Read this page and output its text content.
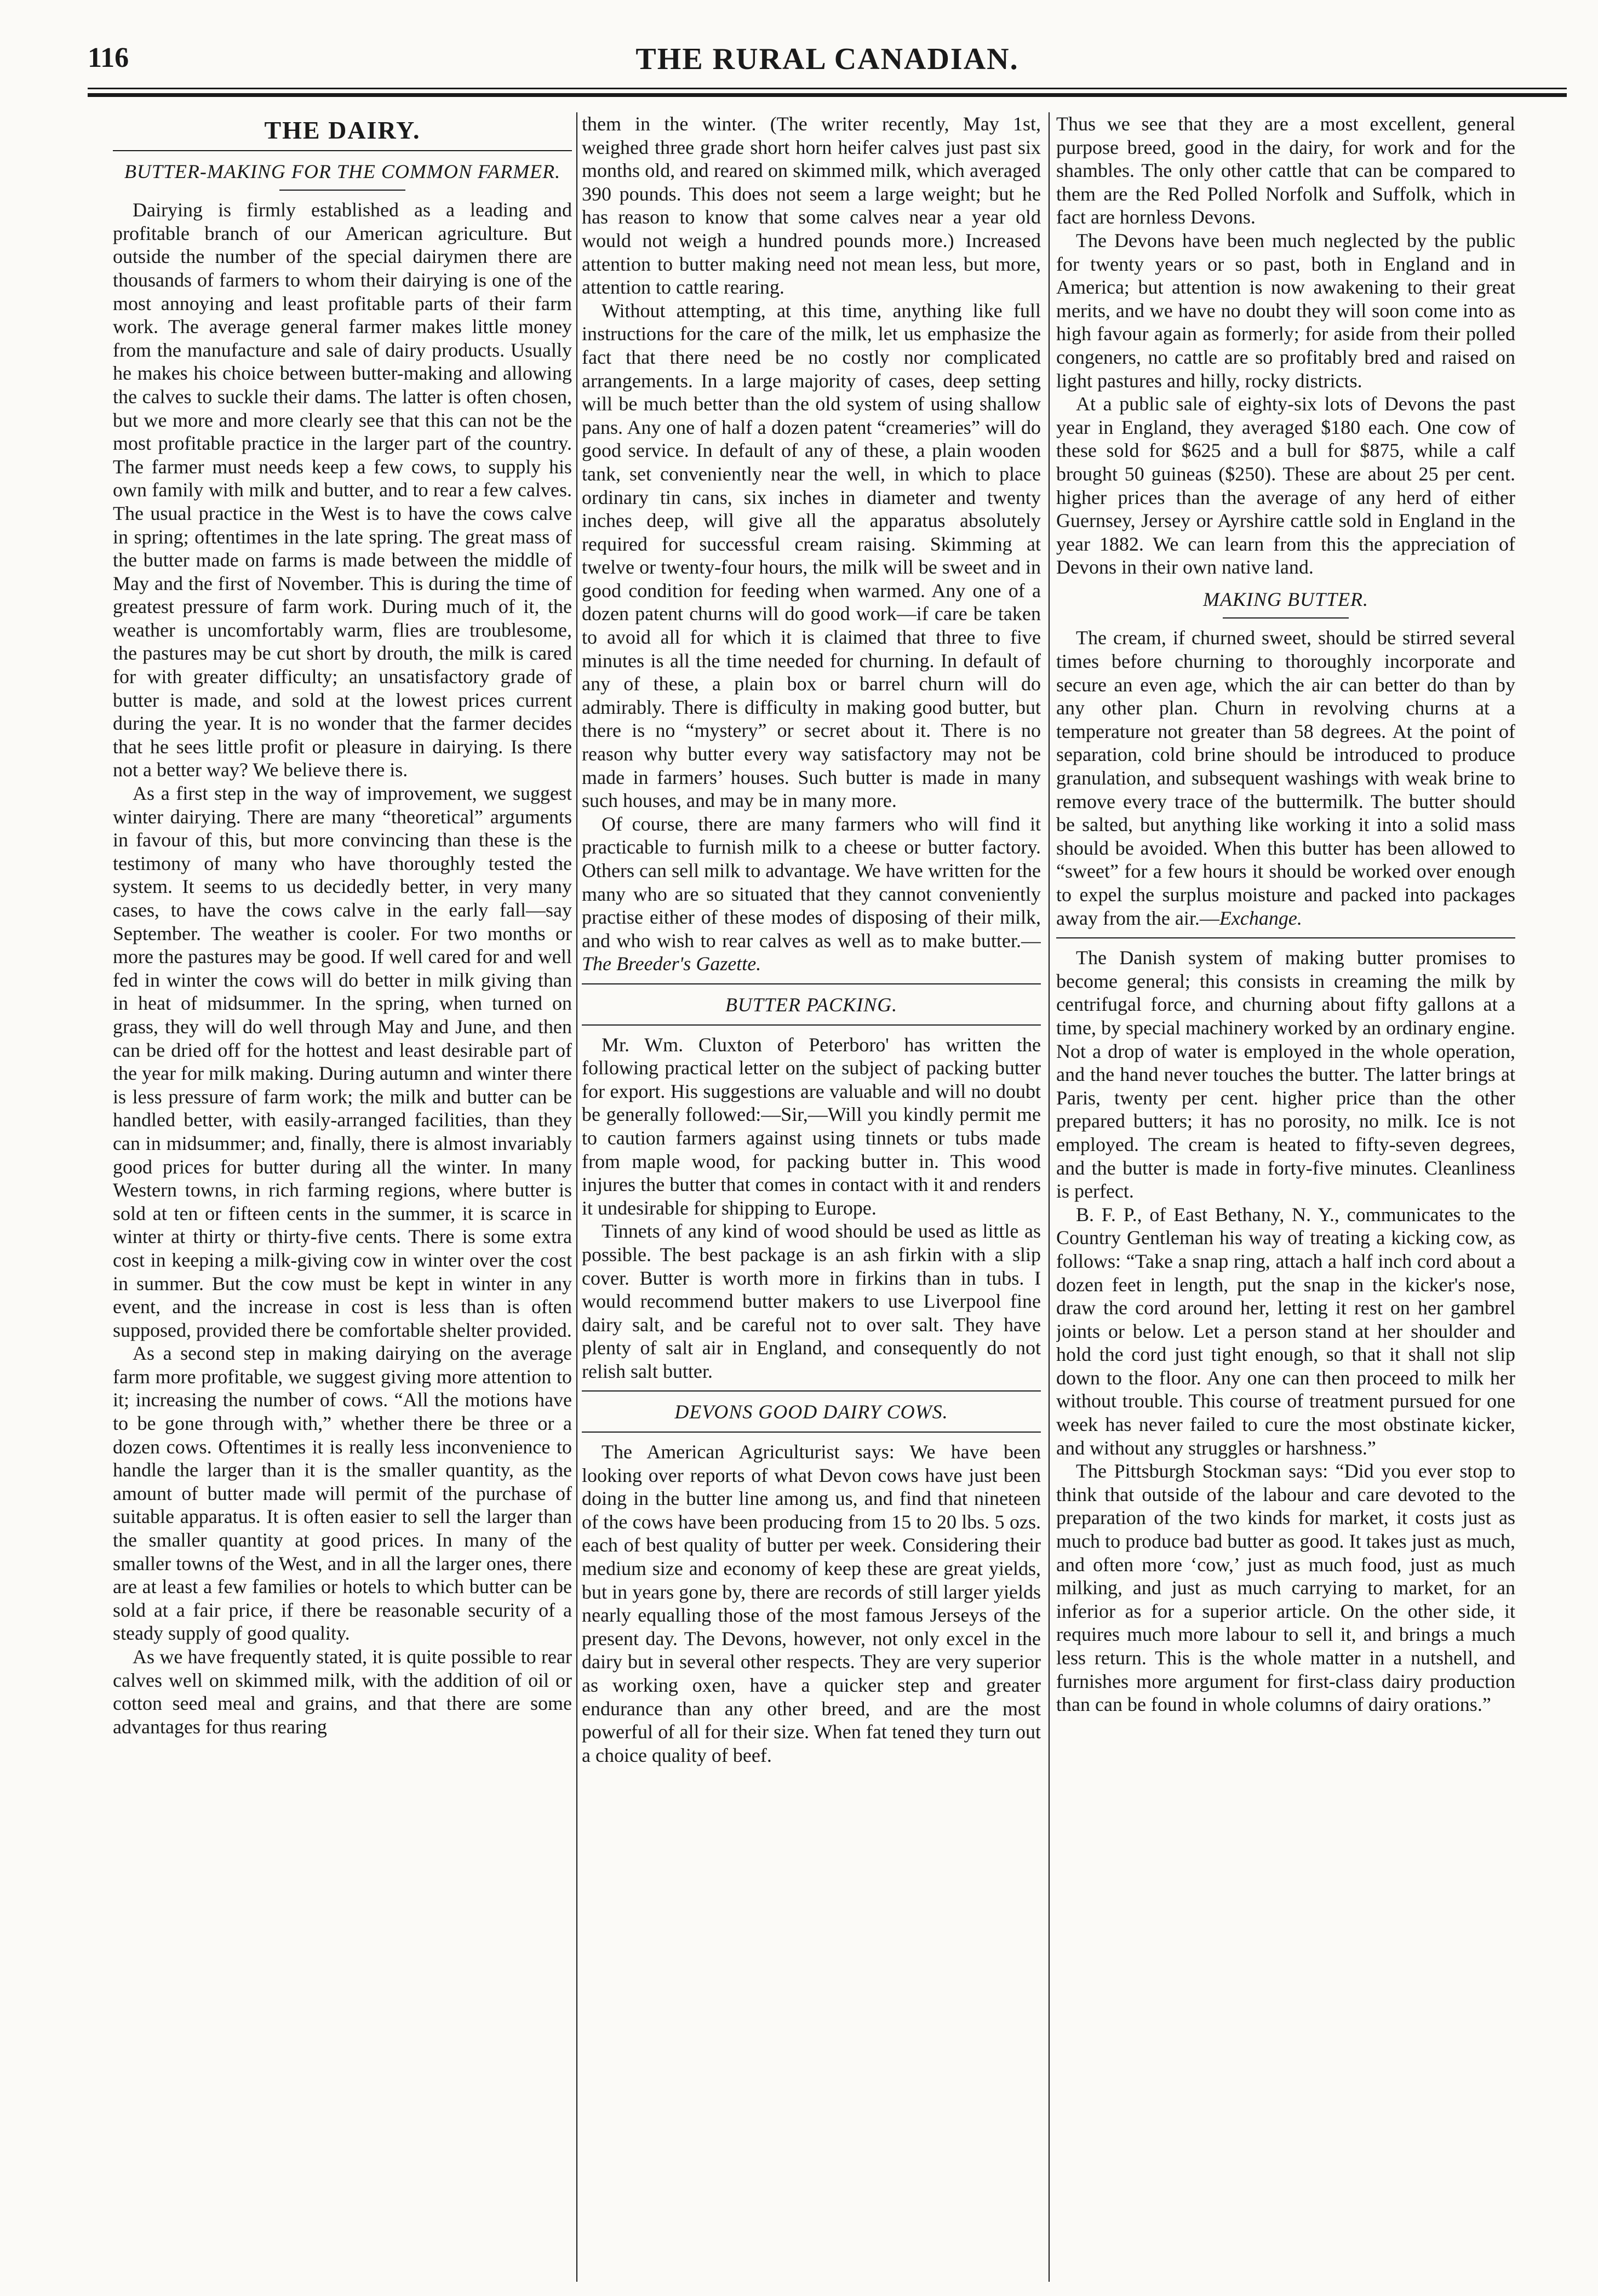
116	THE RURAL CANADIAN.
THE DAIRY.
BUTTER-MAKING FOR THE COMMON FARMER.

Dairying is firmly established as a leading and profitable branch of our American agriculture. But outside the number of the special dairymen there are thousands of farmers to whom their dairying is one of the most annoying and least profitable parts of their farm work. The average general farmer makes little money from the manufacture and sale of dairy products. Usually he makes his choice between butter-making and allowing the calves to suckle their dams. The latter is often chosen, but we more and more clearly see that this can not be the most profitable practice in the larger part of the country. The farmer must needs keep a few cows, to supply his own family with milk and butter, and to rear a few calves. The usual practice in the West is to have the cows calve in spring; oftentimes in the late spring. The great mass of the butter made on farms is made between the middle of May and the first of November. This is during the time of greatest pressure of farm work. During much of it, the weather is uncomfortably warm, flies are troublesome, the pastures may be cut short by drouth, the milk is cared for with greater difficulty; an unsatisfactory grade of butter is made, and sold at the lowest prices current during the year. It is no wonder that the farmer decides that he sees little profit or pleasure in dairying. Is there not a better way? We believe there is.

As a first step in the way of improvement, we suggest winter dairying. There are many “theoretical” arguments in favour of this, but more convincing than these is the testimony of many who have thoroughly tested the system. It seems to us decidedly better, in very many cases, to have the cows calve in the early fall—say September. The weather is cooler. For two months or more the pastures may be good. If well cared for and well fed in winter the cows will do better in milk giving than in heat of midsummer. In the spring, when turned on grass, they will do well through May and June, and then can be dried off for the hottest and least desirable part of the year for milk making. During autumn and winter there is less pressure of farm work; the milk and butter can be handled better, with easily-arranged facilities, than they can in midsummer; and, finally, there is almost invariably good prices for butter during all the winter. In many Western towns, in rich farming regions, where butter is sold at ten or fifteen cents in the summer, it is scarce in winter at thirty or thirty-five cents. There is some extra cost in keeping a milk-giving cow in winter over the cost in summer. But the cow must be kept in winter in any event, and the increase in cost is less than is often supposed, provided there be comfortable shelter provided.

As a second step in making dairying on the average farm more profitable, we suggest giving more attention to it; increasing the number of cows. “All the motions have to be gone through with,” whether there be three or a dozen cows. Oftentimes it is really less inconvenience to handle the larger than it is the smaller quantity, as the amount of butter made will permit of the purchase of suitable apparatus. It is often easier to sell the larger than the smaller quantity at good prices. In many of the smaller towns of the West, and in all the larger ones, there are at least a few families or hotels to which butter can be sold at a fair price, if there be reasonable security of a steady supply of good quality.

As we have frequently stated, it is quite possible to rear calves well on skimmed milk, with the addition of oil or cotton seed meal and grains, and that there are some advantages for thus rearing

them in the winter. (The writer recently, May 1st, weighed three grade short horn heifer calves just past six months old, and reared on skimmed milk, which averaged 390 pounds. This does not seem a large weight; but he has reason to know that some calves near a year old would not weigh a hundred pounds more.) Increased attention to butter making need not mean less, but more, attention to cattle rearing.

Without attempting, at this time, anything like full instructions for the care of the milk, let us emphasize the fact that there need be no costly nor complicated arrangements. In a large majority of cases, deep setting will be much better than the old system of using shallow pans. Any one of half a dozen patent “creameries” will do good service. In default of any of these, a plain wooden tank, set conveniently near the well, in which to place ordinary tin cans, six inches in diameter and twenty inches deep, will give all the apparatus absolutely required for successful cream raising. Skimming at twelve or twenty-four hours, the milk will be sweet and in good condition for feeding when warmed. Any one of a dozen patent churns will do good work—if care be taken to avoid all for which it is claimed that three to five minutes is all the time needed for churning. In default of any of these, a plain box or barrel churn will do admirably. There is difficulty in making good butter, but there is no “mystery” or secret about it. There is no reason why butter every way satisfactory may not be made in farmers’ houses. Such butter is made in many such houses, and may be in many more.

Of course, there are many farmers who will find it practicable to furnish milk to a cheese or butter factory. Others can sell milk to advantage. We have written for the many who are so situated that they cannot conveniently practise either of these modes of disposing of their milk, and who wish to rear calves as well as to make butter.—The Breeder's Gazette.

BUTTER PACKING.

Mr. Wm. Cluxton of Peterboro' has written the following practical letter on the subject of packing butter for export. His suggestions are valuable and will no doubt be generally followed:—Sir,—Will you kindly permit me to caution farmers against using tinnets or tubs made from maple wood, for packing butter in. This wood injures the butter that comes in contact with it and renders it undesirable for shipping to Europe.

Tinnets of any kind of wood should be used as little as possible. The best package is an ash firkin with a slip cover. Butter is worth more in firkins than in tubs. I would recommend butter makers to use Liverpool fine dairy salt, and be careful not to over salt. They have plenty of salt air in England, and consequently do not relish salt butter.

DEVONS GOOD DAIRY COWS.

The American Agriculturist says: We have been looking over reports of what Devon cows have just been doing in the butter line among us, and find that nineteen of the cows have been producing from 15 to 20 lbs. 5 ozs. each of best quality of butter per week. Considering their medium size and economy of keep these are great yields, but in years gone by, there are records of still larger yields nearly equalling those of the most famous Jerseys of the present day. The Devons, however, not only excel in the dairy but in several other respects. They are very superior as working oxen, have a quicker step and greater endurance than any other breed, and are the most powerful of all for their size. When fat tened they turn out a choice quality of beef.

Thus we see that they are a most excellent, general purpose breed, good in the dairy, for work and for the shambles. The only other cattle that can be compared to them are the Red Polled Norfolk and Suffolk, which in fact are hornless Devons.

The Devons have been much neglected by the public for twenty years or so past, both in England and in America; but attention is now awakening to their great merits, and we have no doubt they will soon come into as high favour again as formerly; for aside from their polled congeners, no cattle are so profitably bred and raised on light pastures and hilly, rocky districts.

At a public sale of eighty-six lots of Devons the past year in England, they averaged $180 each. One cow of these sold for $625 and a bull for $875, while a calf brought 50 guineas ($250). These are about 25 per cent. higher prices than the average of any herd of either Guernsey, Jersey or Ayrshire cattle sold in England in the year 1882. We can learn from this the appreciation of Devons in their own native land.

MAKING BUTTER.

The cream, if churned sweet, should be stirred several times before churning to thoroughly incorporate and secure an even age, which the air can better do than by any other plan. Churn in revolving churns at a temperature not greater than 58 degrees. At the point of separation, cold brine should be introduced to produce granulation, and subsequent washings with weak brine to remove every trace of the buttermilk. The butter should be salted, but anything like working it into a solid mass should be avoided. When this butter has been allowed to “sweet” for a few hours it should be worked over enough to expel the surplus moisture and packed into packages away from the air.—Exchange.

The Danish system of making butter promises to become general; this consists in creaming the milk by centrifugal force, and churning about fifty gallons at a time, by special machinery worked by an ordinary engine. Not a drop of water is employed in the whole operation, and the hand never touches the butter. The latter brings at Paris, twenty per cent. higher price than the other prepared butters; it has no porosity, no milk. Ice is not employed. The cream is heated to fifty-seven degrees, and the butter is made in forty-five minutes. Cleanliness is perfect.

B. F. P., of East Bethany, N. Y., communicates to the Country Gentleman his way of treating a kicking cow, as follows: “Take a snap ring, attach a half inch cord about a dozen feet in length, put the snap in the kicker's nose, draw the cord around her, letting it rest on her gambrel joints or below. Let a person stand at her shoulder and hold the cord just tight enough, so that it shall not slip down to the floor. Any one can then proceed to milk her without trouble. This course of treatment pursued for one week has never failed to cure the most obstinate kicker, and without any struggles or harshness.”

The Pittsburgh Stockman says: “Did you ever stop to think that outside of the labour and care devoted to the preparation of the two kinds for market, it costs just as much to produce bad butter as good. It takes just as much, and often more ‘cow,’ just as much food, just as much milking, and just as much carrying to market, for an inferior as for a superior article. On the other side, it requires much more labour to sell it, and brings a much less return. This is the whole matter in a nutshell, and furnishes more argument for first-class dairy production than can be found in whole columns of dairy orations.”
